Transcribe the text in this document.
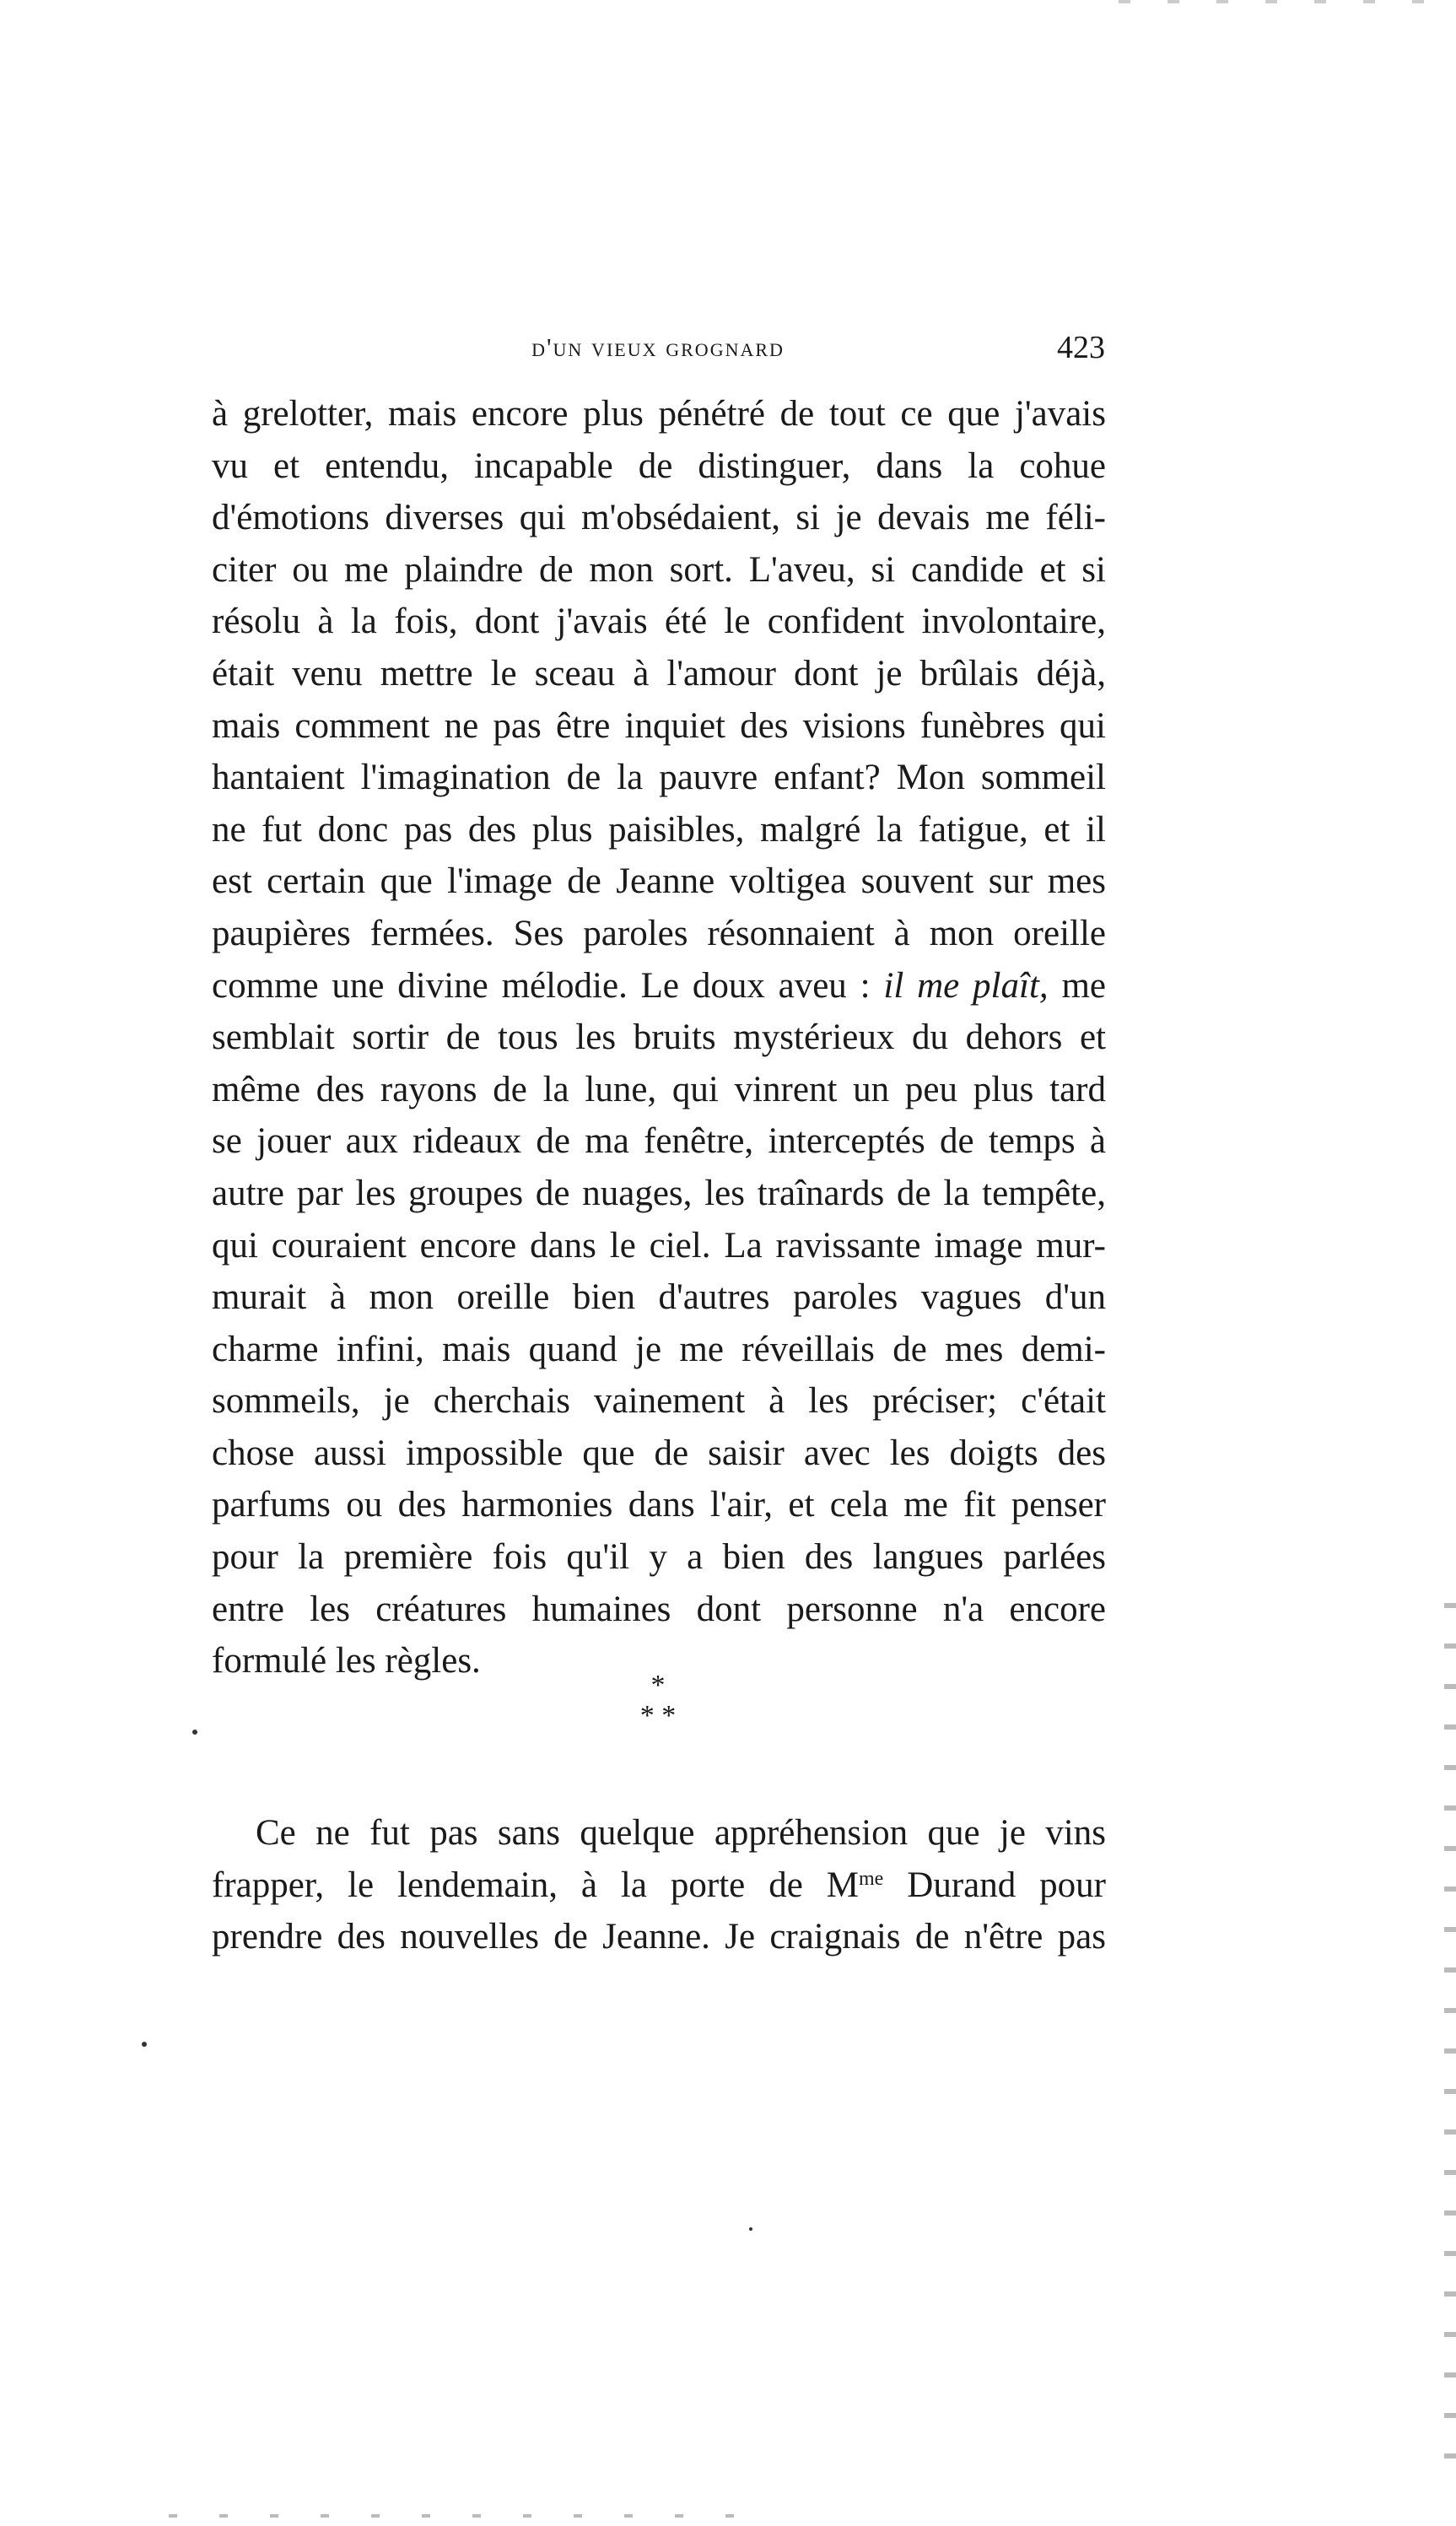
d'un vieux grognard	423
à grelotter, mais encore plus pénétré de tout ce que j'avais
vu et entendu, incapable de distinguer, dans la cohue
d'émotions diverses qui m'obsédaient, si je devais me féli-
citer ou me plaindre de mon sort. L'aveu, si candide et si
résolu à la fois, dont j'avais été le confident involontaire,
était venu mettre le sceau à l'amour dont je brûlais déjà,
mais comment ne pas être inquiet des visions funèbres qui
hantaient l'imagination de la pauvre enfant? Mon sommeil
ne fut donc pas des plus paisibles, malgré la fatigue, et il
est certain que l'image de Jeanne voltigea souvent sur mes
paupières fermées. Ses paroles résonnaient à mon oreille
comme une divine mélodie. Le doux aveu : il me plaît, me
semblait sortir de tous les bruits mystérieux du dehors et
même des rayons de la lune, qui vinrent un peu plus tard
se jouer aux rideaux de ma fenêtre, interceptés de temps à
autre par les groupes de nuages, les traînards de la tempête,
qui couraient encore dans le ciel. La ravissante image mur-
murait à mon oreille bien d'autres paroles vagues d'un
charme infini, mais quand je me réveillais de mes demi-
sommeils, je cherchais vainement à les préciser; c'était
chose aussi impossible que de saisir avec les doigts des
parfums ou des harmonies dans l'air, et cela me fit penser
pour la première fois qu'il y a bien des langues parlées
entre les créatures humaines dont personne n'a encore
formulé les règles.
*
* *
Ce ne fut pas sans quelque appréhension que je vins
frapper, le lendemain, à la porte de $M^{me}$ Durand pour
prendre des nouvelles de Jeanne. Je craignais de n'être pas
